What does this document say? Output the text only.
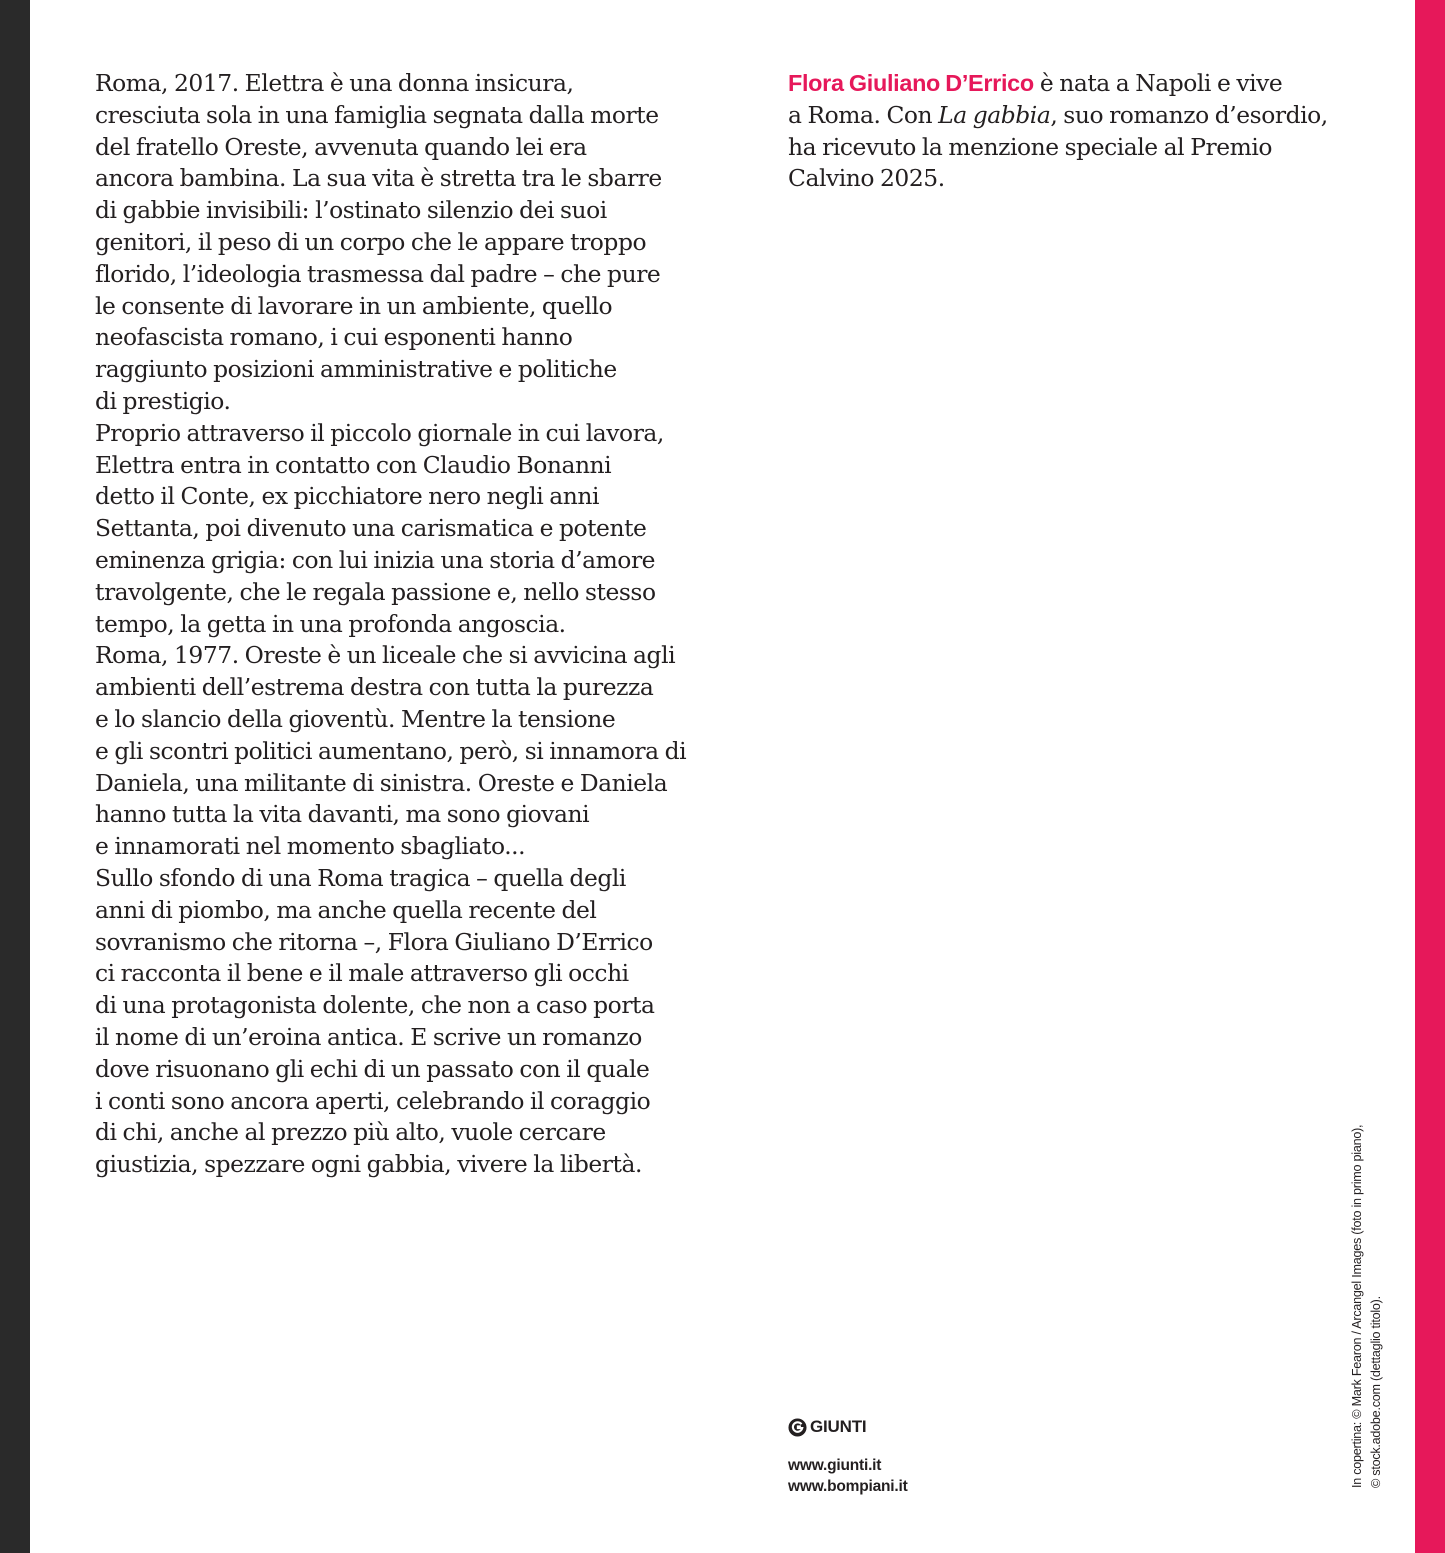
Roma, 2017. Elettra è una donna insicura,
cresciuta sola in una famiglia segnata dalla morte
del fratello Oreste, avvenuta quando lei era
ancora bambina. La sua vita è stretta tra le sbarre
di gabbie invisibili: l’ostinato silenzio dei suoi
genitori, il peso di un corpo che le appare troppo
florido, l’ideologia trasmessa dal padre – che pure
le consente di lavorare in un ambiente, quello
neofascista romano, i cui esponenti hanno
raggiunto posizioni amministrative e politiche
di prestigio.
Proprio attraverso il piccolo giornale in cui lavora,
Elettra entra in contatto con Claudio Bonanni
detto il Conte, ex picchiatore nero negli anni
Settanta, poi divenuto una carismatica e potente
eminenza grigia: con lui inizia una storia d’amore
travolgente, che le regala passione e, nello stesso
tempo, la getta in una profonda angoscia.
Roma, 1977. Oreste è un liceale che si avvicina agli
ambienti dell’estrema destra con tutta la purezza
e lo slancio della gioventù. Mentre la tensione
e gli scontri politici aumentano, però, si innamora di
Daniela, una militante di sinistra. Oreste e Daniela
hanno tutta la vita davanti, ma sono giovani
e innamorati nel momento sbagliato...
Sullo sfondo di una Roma tragica – quella degli
anni di piombo, ma anche quella recente del
sovranismo che ritorna –, Flora Giuliano D’Errico
ci racconta il bene e il male attraverso gli occhi
di una protagonista dolente, che non a caso porta
il nome di un’eroina antica. E scrive un romanzo
dove risuonano gli echi di un passato con il quale
i conti sono ancora aperti, celebrando il coraggio
di chi, anche al prezzo più alto, vuole cercare
giustizia, spezzare ogni gabbia, vivere la libertà.
Flora Giuliano D’Errico è nata a Napoli e vive
a Roma. Con La gabbia, suo romanzo d’esordio,
ha ricevuto la menzione speciale al Premio
Calvino 2025.
GIUNTI
www.giunti.it
www.bompiani.it	In copertina: © Mark Fearon / Arcangel Images (foto in primo piano), © stock.adobe.com (dettaglio titolo).
